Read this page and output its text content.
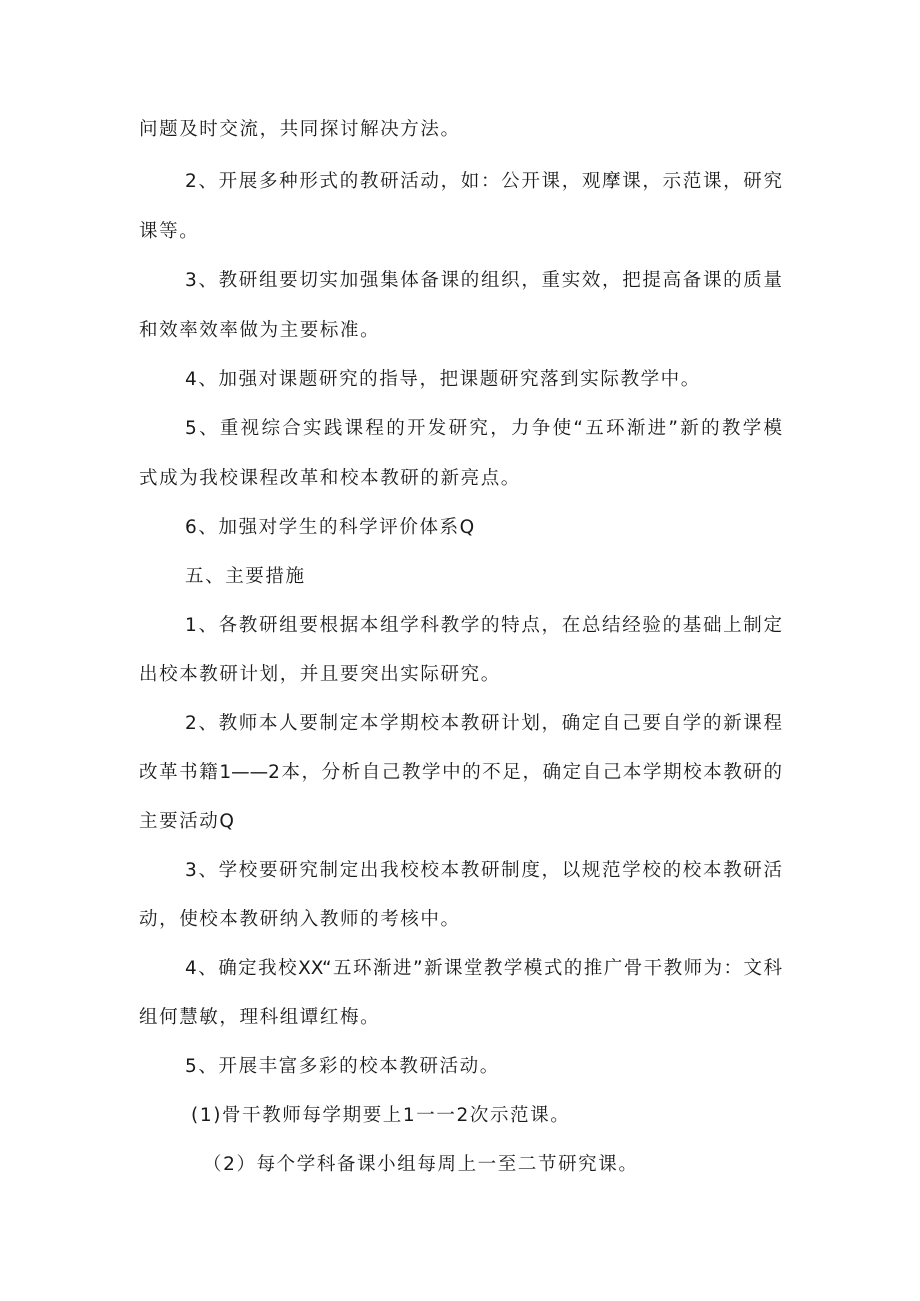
问题及时交流，共同探讨解决方法。

2、开展多种形式的教研活动，如：公开课，观摩课，示范课，研究

课等。

3、教研组要切实加强集体备课的组织，重实效，把提高备课的质量

和效率效率做为主要标准。

4、加强对课题研究的指导，把课题研究落到实际教学中。

5、重视综合实践课程的开发研究，力争使“五环渐进”新的教学模

式成为我校课程改革和校本教研的新亮点。

6、加强对学生的科学评价体系Q

五、主要措施

1、各教研组要根据本组学科教学的特点，在总结经验的基础上制定

出校本教研计划，并且要突出实际研究。

2、教师本人要制定本学期校本教研计划，确定自己要自学的新课程

改革书籍1——2本，分析自己教学中的不足，确定自己本学期校本教研的

主要活动Q

3、学校要研究制定出我校校本教研制度，以规范学校的校本教研活

动，使校本教研纳入教师的考核中。

4、确定我校XX“五环渐进”新课堂教学模式的推广骨干教师为：文科

组何慧敏，理科组谭红梅。

5、开展丰富多彩的校本教研活动。

(1)骨干教师每学期要上1一一2次示范课。

（2）每个学科备课小组每周上一至二节研究课。
